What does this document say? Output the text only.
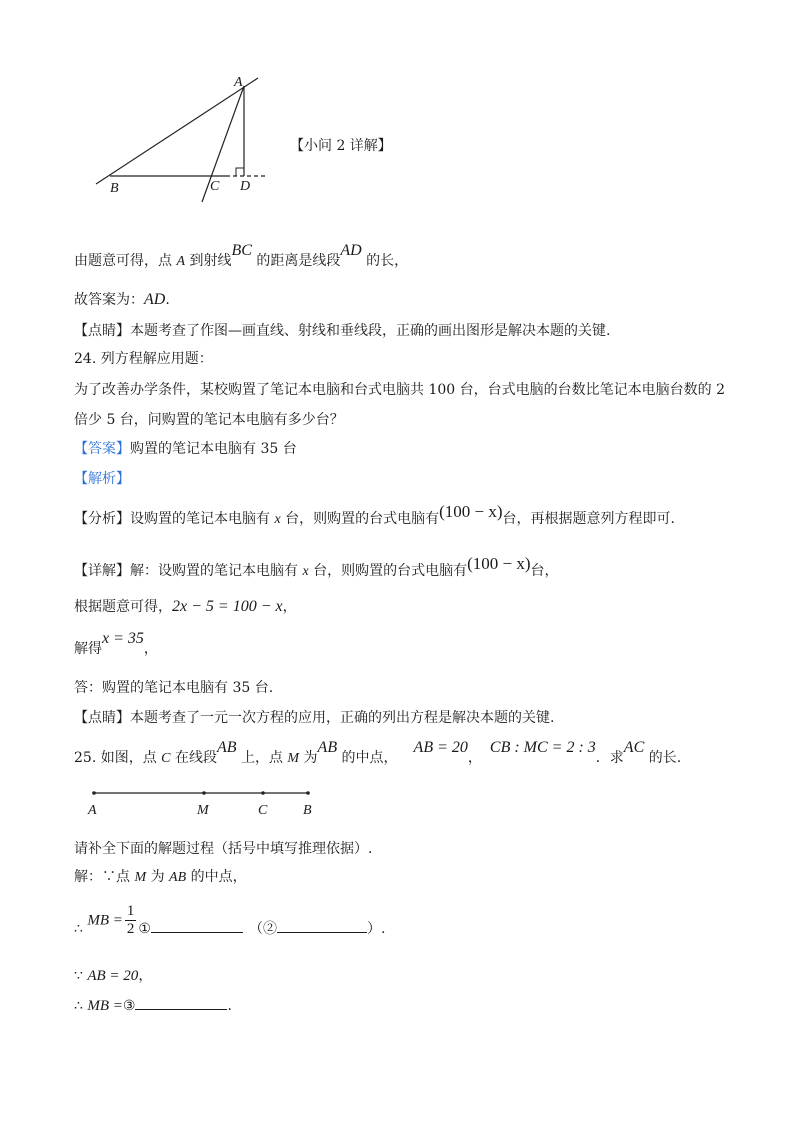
A
B	C D
【小问 2 详解】
由题意可得，点 A 到射线BC 的距离是线段AD 的长，
故答案为：AD.
【点睛】本题考查了作图—画直线、射线和垂线段，正确的画出图形是解决本题的关键.
24. 列方程解应用题：
为了改善办学条件，某校购置了笔记本电脑和台式电脑共 100 台，台式电脑的台数比笔记本电脑台数的 2
倍少 5 台，问购置的笔记本电脑有多少台？
【答案】购置的笔记本电脑有 35 台
【解析】
【分析】设购置的笔记本电脑有 x 台，则购置的台式电脑有(100 − x)台，再根据题意列方程即可.
【详解】解：设购置的笔记本电脑有 x 台，则购置的台式电脑有(100 − x)台，
根据题意可得，2x − 5 = 100 − x，
解得x = 35，
答：购置的笔记本电脑有 35 台.
【点睛】本题考查了一元一次方程的应用，正确的列出方程是解决本题的关键.
25. 如图，点 C 在线段AB 上，点 M 为AB 的中点，AB = 20，CB : MC = 2 : 3．求AC 的长.
A	M	C	B
请补全下面的解题过程（括号中填写推理依据）.
解：∵点 M 为 AB 的中点，
∴ MB = $\frac{1}{2}$ ①	（②	）.
∵ AB = 20，
∴ MB =③	.
